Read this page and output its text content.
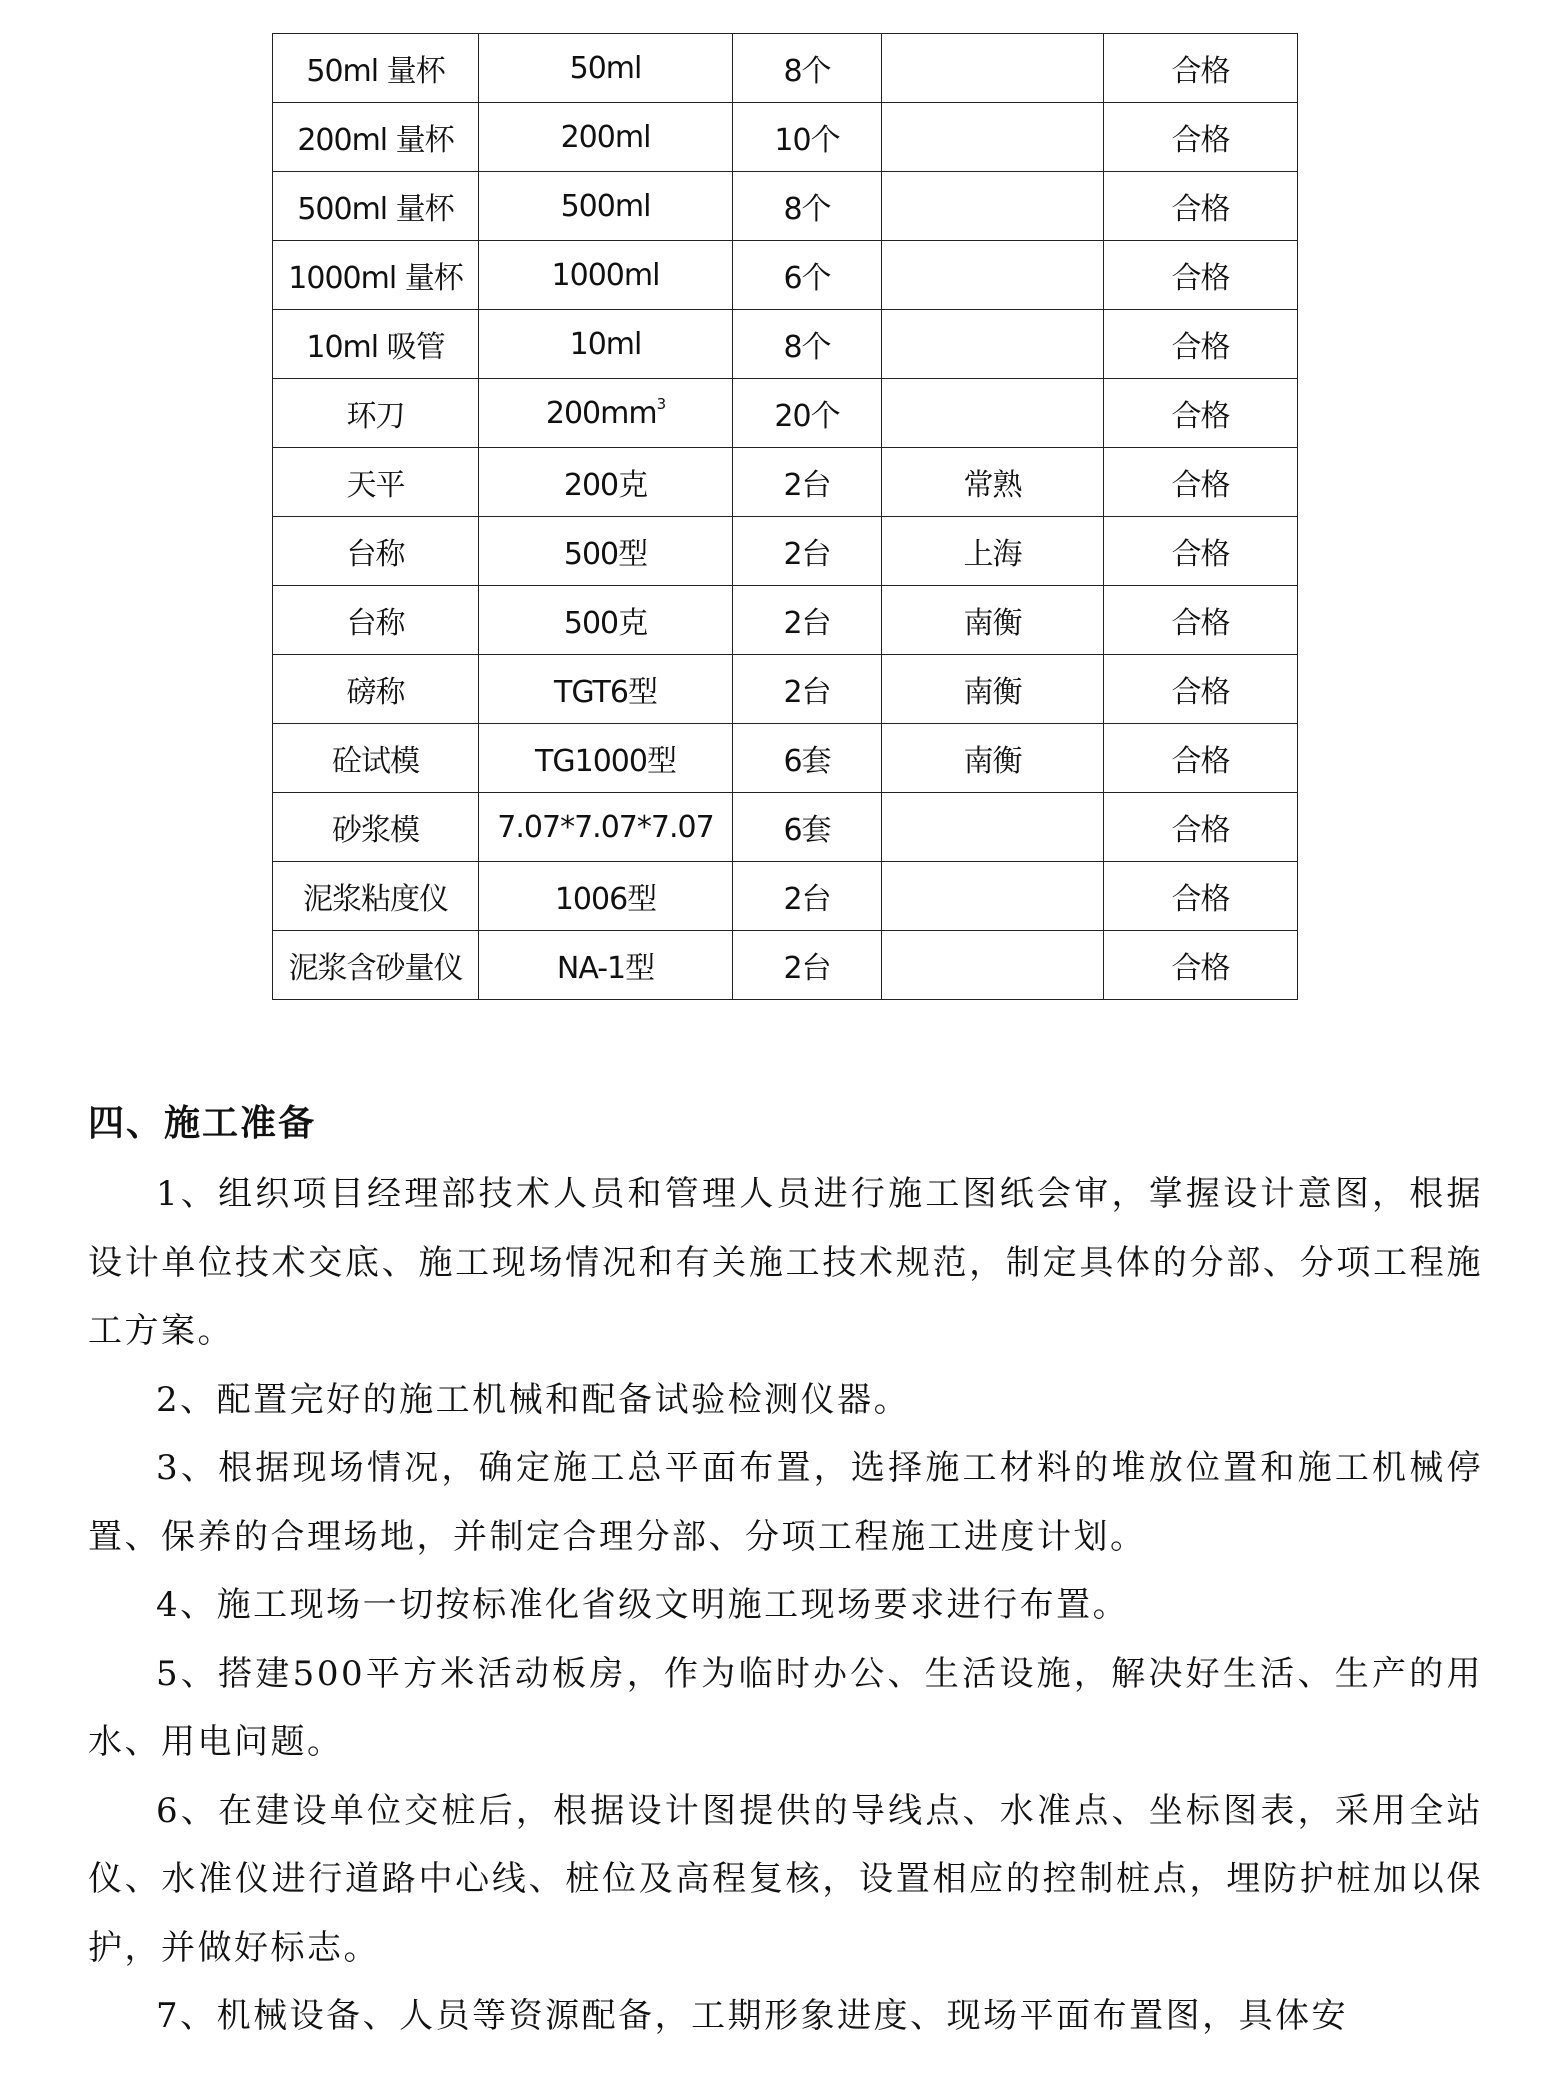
50ml 量杯	50ml	8个		合格
200ml 量杯	200ml	10个		合格
500ml 量杯	500ml	8个		合格
1000ml 量杯	1000ml	6个		合格
10ml 吸管	10ml	8个		合格
环刀	$200mm^3$	20个		合格
天平	200克	2台	常熟	合格
台称	500型	2台	上海	合格
台称	500克	2台	南衡	合格
磅称	TGT6型	2台	南衡	合格
砼试模	TG1000型	6套	南衡	合格
砂浆模	7.07*7.07*7.07	6套		合格
泥浆粘度仪	1006型	2台		合格
泥浆含砂量仪	NA-1型	2台		合格
四、施工准备

1、组织项目经理部技术人员和管理人员进行施工图纸会审，掌握设计意图，根据设计单位技术交底、施工现场情况和有关施工技术规范，制定具体的分部、分项工程施工方案。

2、配置完好的施工机械和配备试验检测仪器。

3、根据现场情况，确定施工总平面布置，选择施工材料的堆放位置和施工机械停置、保养的合理场地，并制定合理分部、分项工程施工进度计划。

4、施工现场一切按标准化省级文明施工现场要求进行布置。

5、搭建500平方米活动板房，作为临时办公、生活设施，解决好生活、生产的用水、用电问题。

6、在建设单位交桩后，根据设计图提供的导线点、水准点、坐标图表，采用全站仪、水准仪进行道路中心线、桩位及高程复核，设置相应的控制桩点，埋防护桩加以保护，并做好标志。

7、机械设备、人员等资源配备，工期形象进度、现场平面布置图，具体安
